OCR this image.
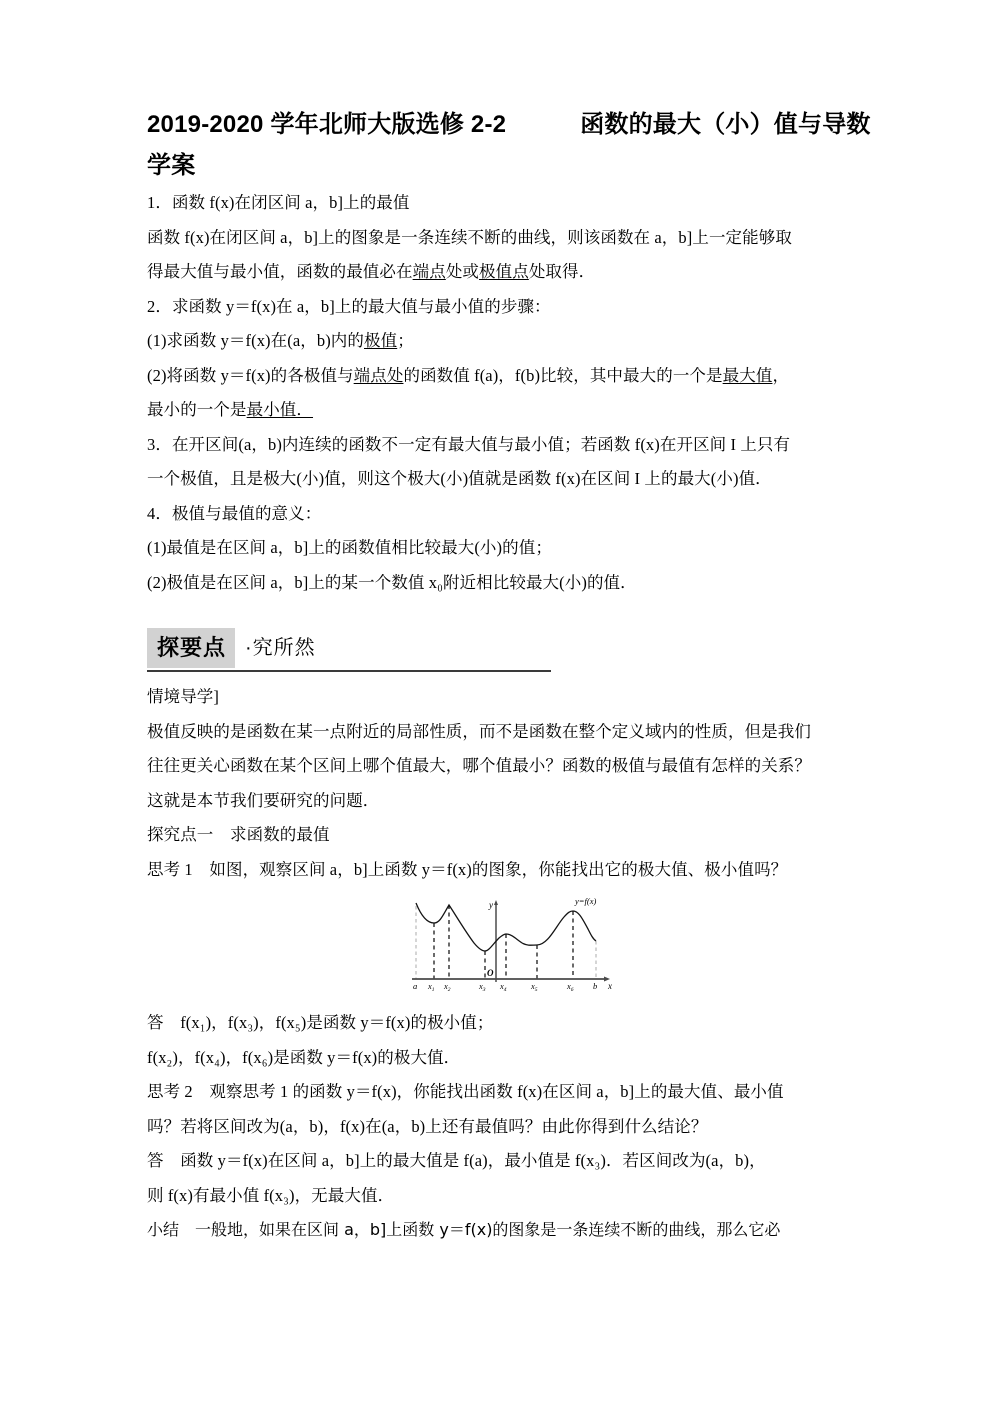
2019-2020 学年北师大版选修 2-2	函数的最大（小）值与导数
学案

1．函数 f(x)在闭区间 a，b]上的最值

函数 f(x)在闭区间 a，b]上的图象是一条连续不断的曲线，则该函数在 a，b]上一定能够取

得最大值与最小值，函数的最值必在端点处或极值点处取得．

2．求函数 y＝f(x)在 a，b]上的最大值与最小值的步骤：

(1)求函数 y＝f(x)在(a，b)内的极值；

(2)将函数 y＝f(x)的各极值与端点处的函数值 f(a)，f(b)比较，其中最大的一个是最大值，

最小的一个是最小值．

3．在开区间(a，b)内连续的函数不一定有最大值与最小值；若函数 f(x)在开区间 I 上只有

一个极值，且是极大(小)值，则这个极大(小)值就是函数 f(x)在区间 I 上的最大(小)值．

4．极值与最值的意义：

(1)最值是在区间 a，b]上的函数值相比较最大(小)的值；

(2)极值是在区间 a，b]上的某一个数值 x₀附近相比较最大(小)的值．

探要点 ·究所然

情境导学]

极值反映的是函数在某一点附近的局部性质，而不是函数在整个定义域内的性质，但是我们

往往更关心函数在某个区间上哪个值最大，哪个值最小？函数的极值与最值有怎样的关系？

这就是本节我们要研究的问题．

探究点一　求函数的最值

思考 1　如图，观察区间 a，b]上函数 y＝f(x)的图象，你能找出它的极大值、极小值吗？

y=f(x)
y
O
x
a $x_1$ $x_2$ $x_3$ $x_4$ $x_5$ $x_6$ b

答　f(x₁)，f(x₃)，f(x₅)是函数 y＝f(x)的极小值；

f(x₂)，f(x₄)，f(x₆)是函数 y＝f(x)的极大值．

思考 2　观察思考 1 的函数 y＝f(x)，你能找出函数 f(x)在区间 a，b]上的最大值、最小值

吗？若将区间改为(a，b)，f(x)在(a，b)上还有最值吗？由此你得到什么结论？

答　函数 y＝f(x)在区间 a，b]上的最大值是 f(a)，最小值是 f(x₃)．若区间改为(a，b)，

则 f(x)有最小值 f(x₃)，无最大值．

小结　一般地，如果在区间 a，b]上函数 y＝f(x)的图象是一条连续不断的曲线，那么它必
